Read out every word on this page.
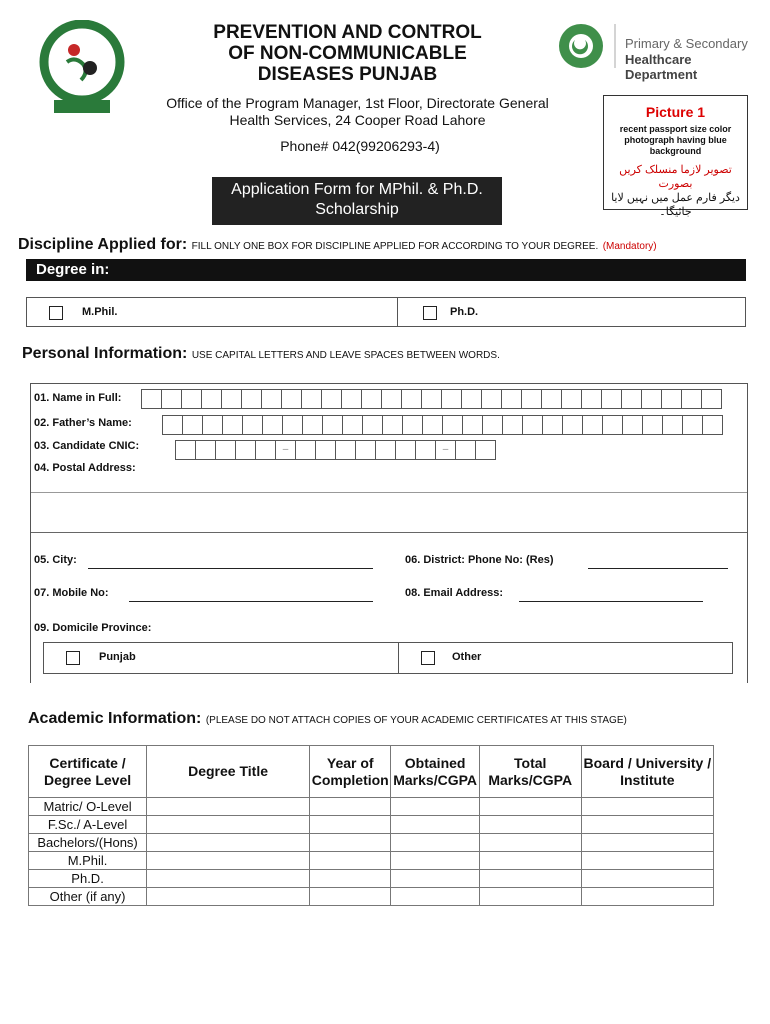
PREVENTION AND CONTROL
OF NON-COMMUNICABLE
DISEASES PUNJAB
Office of the Program Manager, 1st Floor, Directorate General
Health Services, 24 Cooper Road Lahore
Phone# 042(99206293-4)
Application Form for MPhil. & Ph.D.
Scholarship
Primary & Secondary
Healthcare Department
Picture 1
recent passport size color photograph having blue background
تصویر لازما منسلک کریں بصورت
دیگر فارم عمل میں نہیں لایا جائیگا۔
Discipline Applied for: FILL ONLY ONE BOX FOR DISCIPLINE APPLIED FOR ACCORDING TO YOUR DEGREE. (Mandatory)
Degree in:
M.Phil.	Ph.D.
Personal Information: USE CAPITAL LETTERS AND LEAVE SPACES BETWEEN WORDS.
01. Name in Full:
02. Father’s Name:
03. Candidate CNIC:	–	–
04. Postal Address:
05. City:	06. District: Phone No: (Res)
07. Mobile No:	08. Email Address:
09. Domicile Province:
Punjab	Other
Academic Information: (PLEASE DO NOT ATTACH COPIES OF YOUR ACADEMIC CERTIFICATES AT THIS STAGE)
Certificate / Degree Level	Degree Title	Year of Completion	Obtained Marks/CGPA	Total Marks/CGPA	Board / University / Institute
Matric/ O-Level					
F.Sc./ A-Level					
Bachelors/(Hons)					
M.Phil.					
Ph.D.					
Other (if any)					
